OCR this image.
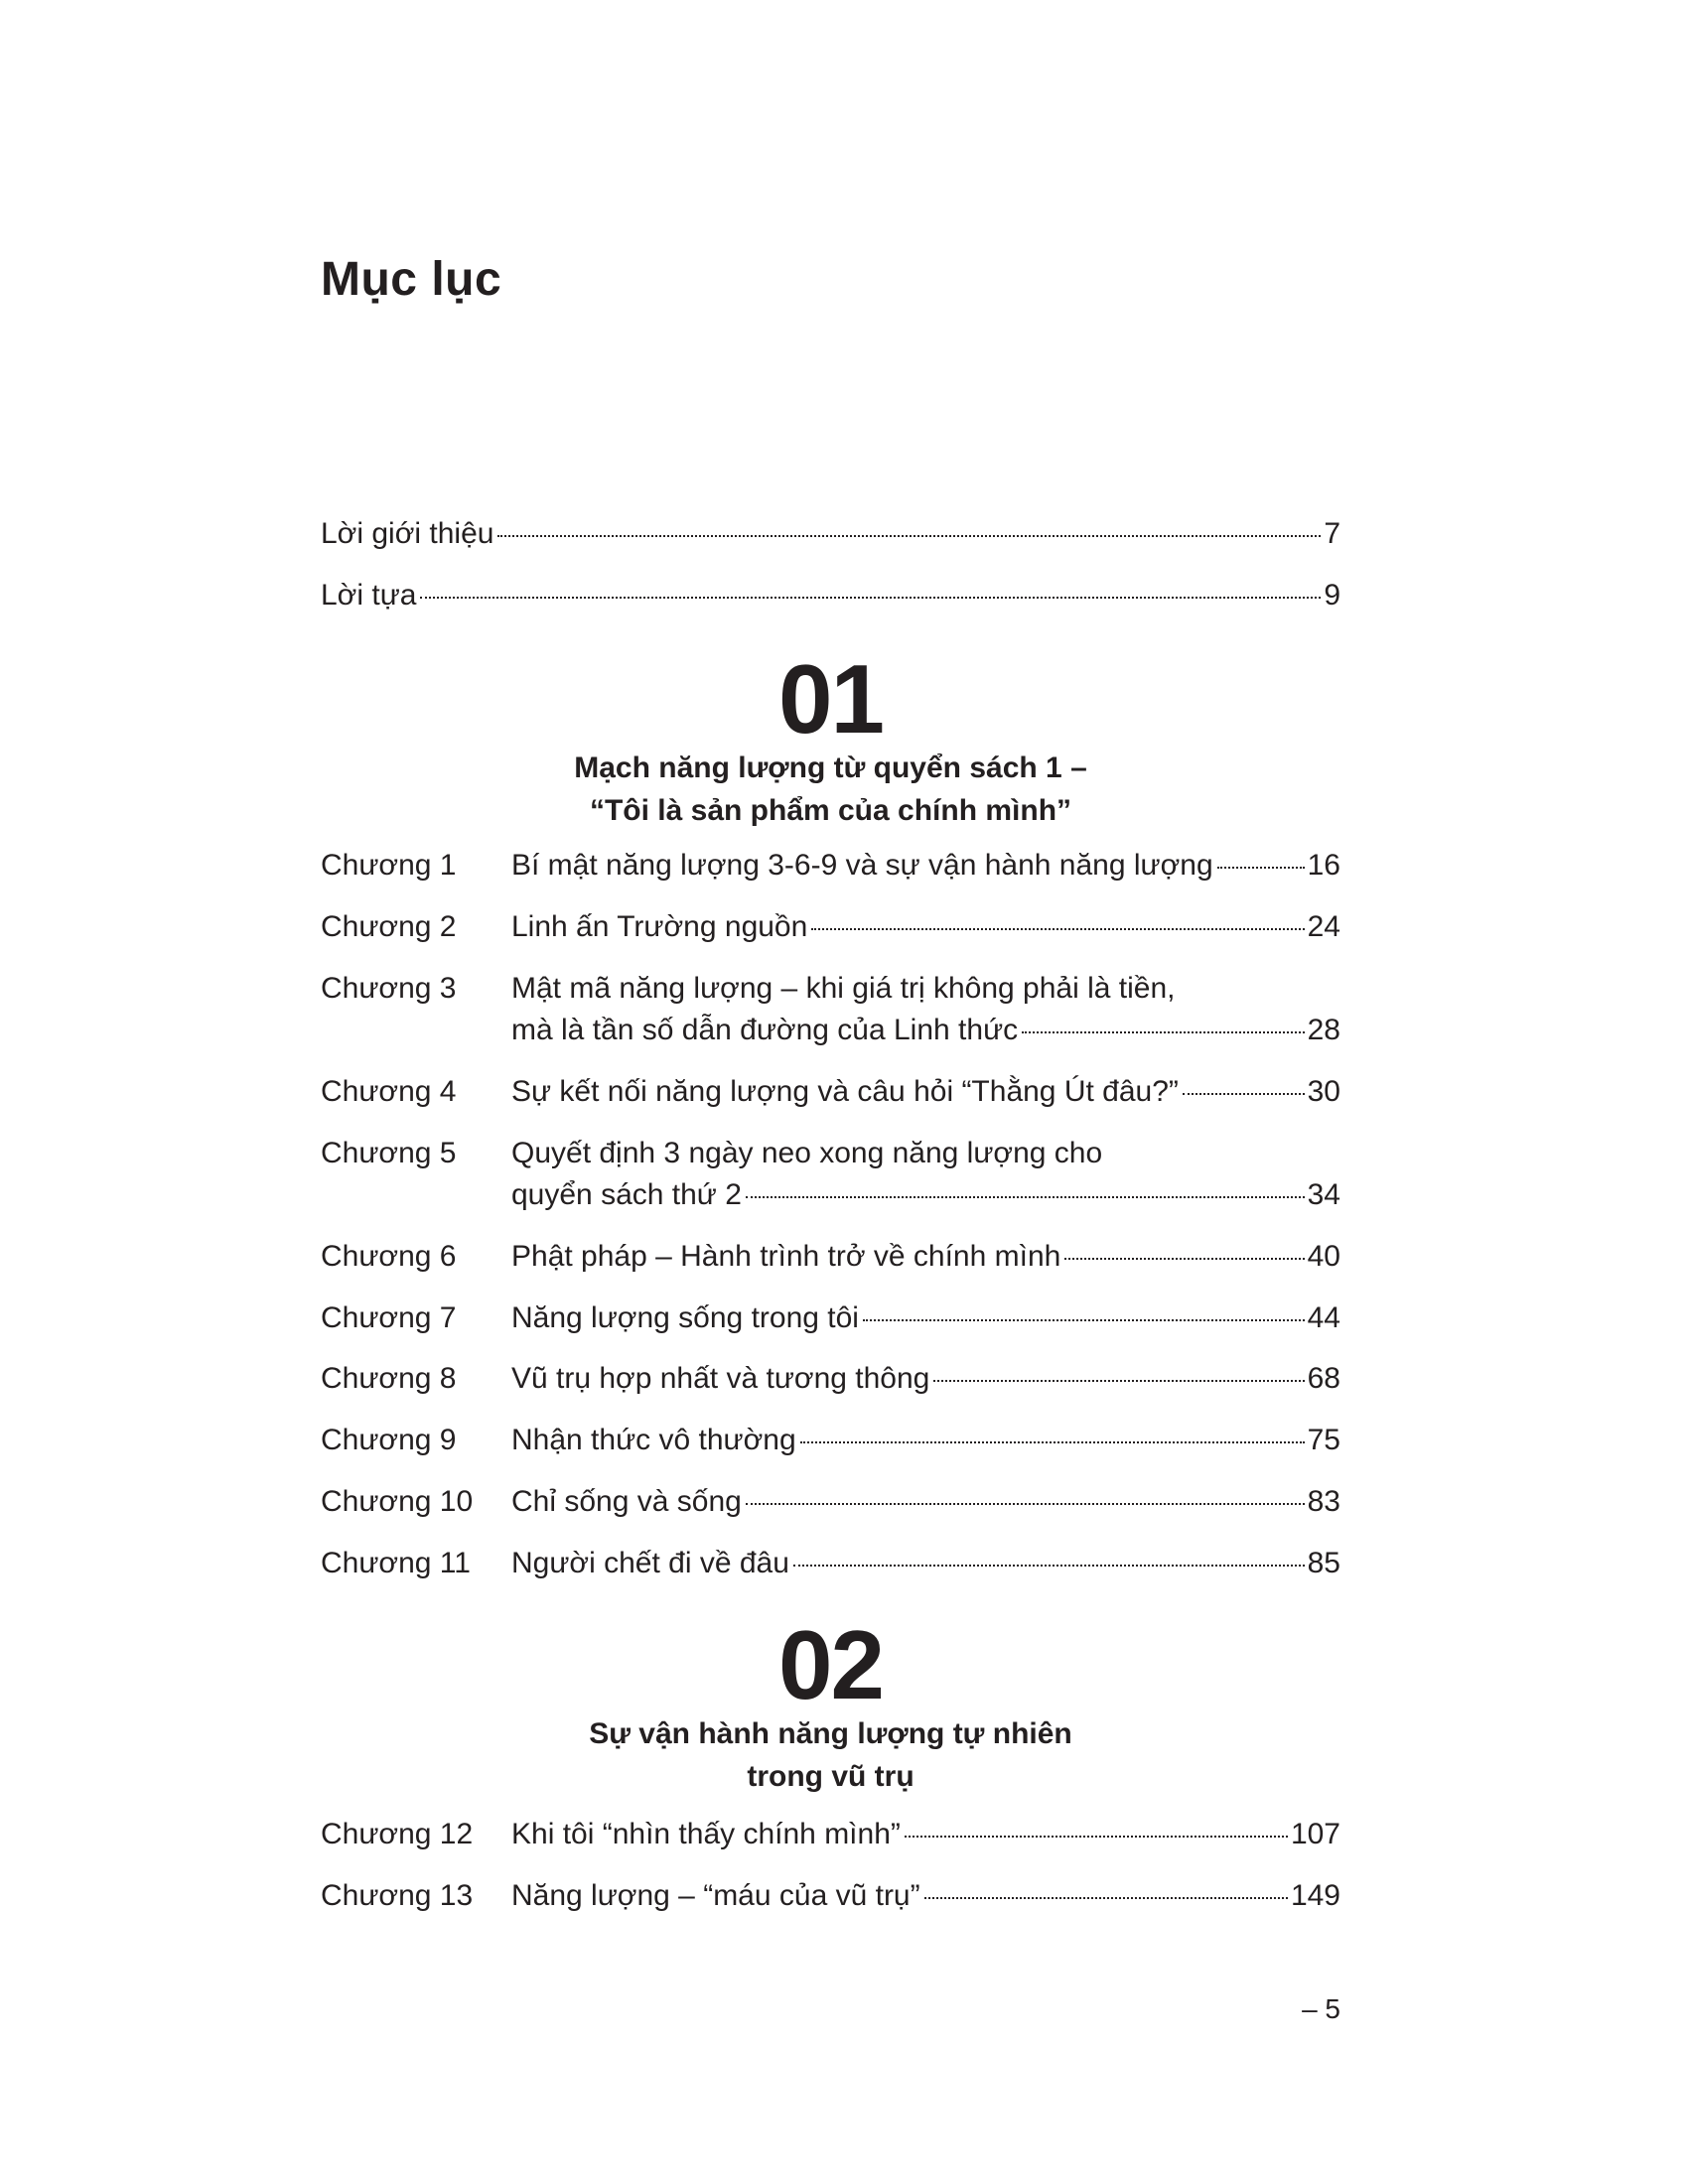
Mục lục
Lời giới thiệu	7
Lời tựa	9
01
Mạch năng lượng từ quyển sách 1 –
“Tôi là sản phẩm của chính mình”
Chương 1 Bí mật năng lượng 3-6-9 và sự vận hành năng lượng	16
Chương 2 Linh ấn Trường nguồn	24
Chương 3 Mật mã năng lượng – khi giá trị không phải là tiền,
mà là tần số dẫn đường của Linh thức	28
Chương 4 Sự kết nối năng lượng và câu hỏi “Thằng Út đâu?”	30
Chương 5 Quyết định 3 ngày neo xong năng lượng cho
quyển sách thứ 2	34
Chương 6 Phật pháp – Hành trình trở về chính mình	40
Chương 7 Năng lượng sống trong tôi	44
Chương 8 Vũ trụ hợp nhất và tương thông	68
Chương 9 Nhận thức vô thường	75
Chương 10 Chỉ sống và sống	83
Chương 11 Người chết đi về đâu	85
02
Sự vận hành năng lượng tự nhiên
trong vũ trụ
Chương 12 Khi tôi “nhìn thấy chính mình”	107
Chương 13 Năng lượng – “máu của vũ trụ”	149
– 5
